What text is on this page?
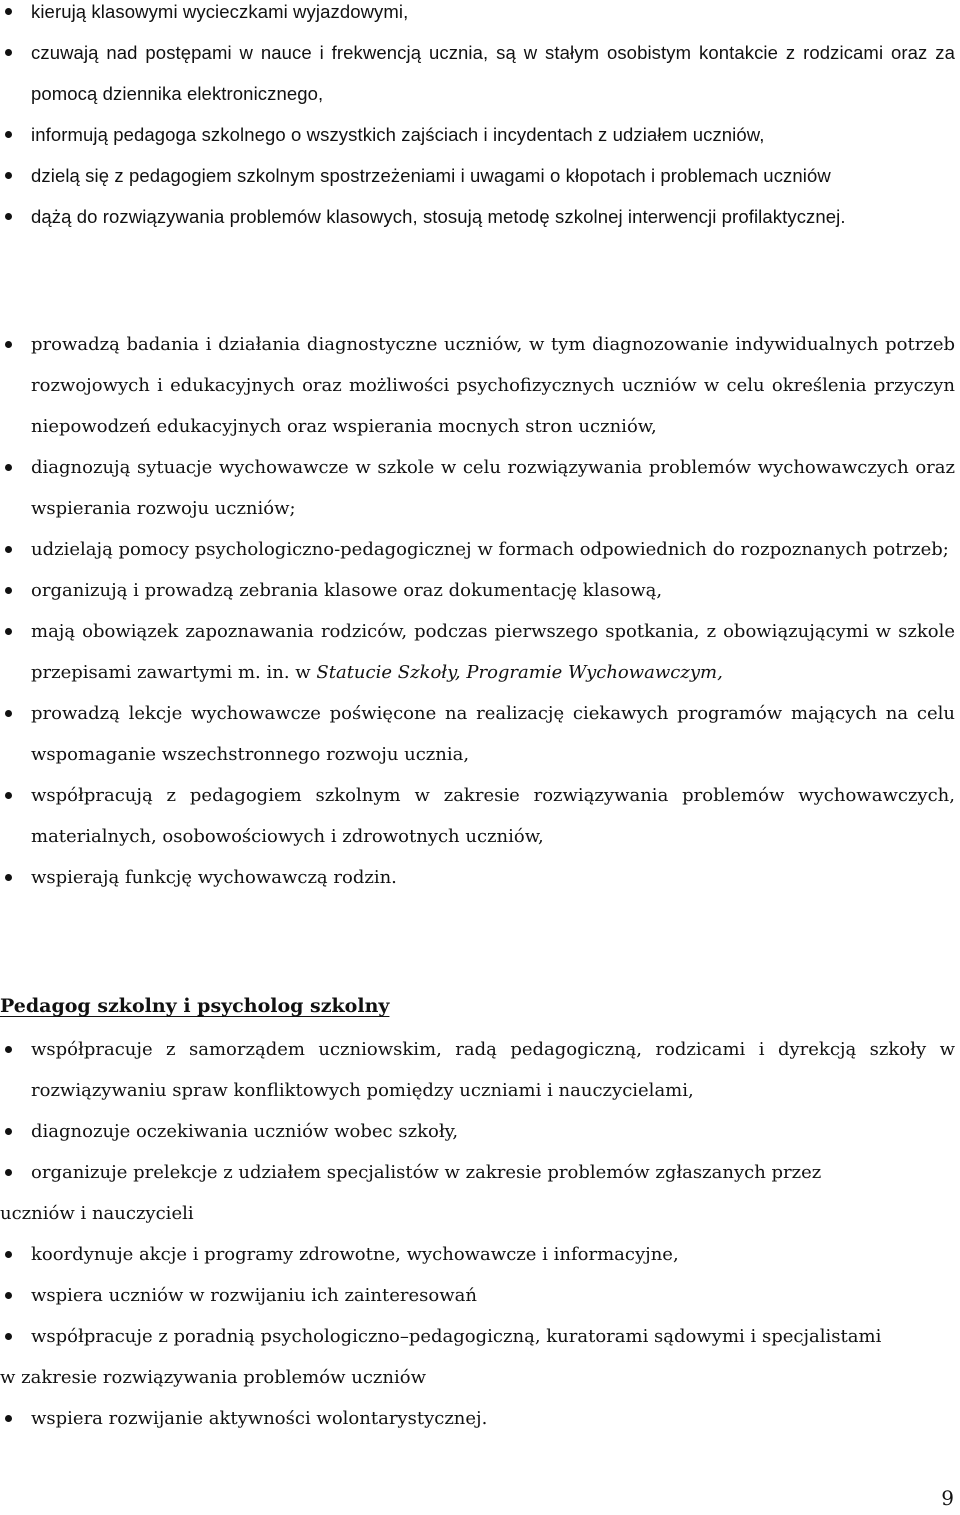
kierują klasowymi wycieczkami wyjazdowymi,
czuwają nad postępami w nauce i frekwencją ucznia, są w stałym osobistym kontakcie z rodzicami oraz za pomocą dziennika elektronicznego,
informują pedagoga szkolnego o wszystkich zajściach i incydentach z udziałem uczniów,
dzielą się z pedagogiem szkolnym spostrzeżeniami i uwagami o kłopotach i problemach uczniów
dążą do rozwiązywania problemów klasowych, stosują metodę szkolnej interwencji profilaktycznej.
prowadzą badania i działania diagnostyczne uczniów, w tym diagnozowanie indywidualnych potrzeb rozwojowych i edukacyjnych oraz możliwości psychofizycznych uczniów w celu określenia przyczyn niepowodzeń edukacyjnych oraz wspierania mocnych stron uczniów,
diagnozują sytuacje wychowawcze w szkole w celu rozwiązywania problemów wychowawczych oraz wspierania rozwoju uczniów;
udzielają pomocy psychologiczno-pedagogicznej w formach odpowiednich do rozpoznanych potrzeb;
organizują i prowadzą zebrania klasowe oraz dokumentację klasową,
mają obowiązek zapoznawania rodziców, podczas pierwszego spotkania, z obowiązującymi w szkole przepisami zawartymi m. in. w Statucie Szkoły, Programie Wychowawczym,
prowadzą lekcje wychowawcze poświęcone na realizację ciekawych programów mających na celu wspomaganie wszechstronnego rozwoju ucznia,
współpracują z pedagogiem szkolnym w zakresie rozwiązywania problemów wychowawczych, materialnych, osobowościowych i zdrowotnych uczniów,
wspierają funkcję wychowawczą rodzin.
Pedagog szkolny i psycholog szkolny
współpracuje z samorządem uczniowskim, radą pedagogiczną, rodzicami i dyrekcją szkoły w rozwiązywaniu spraw konfliktowych pomiędzy uczniami i nauczycielami,
diagnozuje oczekiwania uczniów wobec szkoły,
organizuje prelekcje z udziałem specjalistów w zakresie problemów zgłaszanych przez
uczniów i nauczycieli
koordynuje akcje i programy zdrowotne, wychowawcze i informacyjne,
wspiera uczniów w rozwijaniu ich zainteresowań
współpracuje z poradnią psychologiczno–pedagogiczną, kuratorami sądowymi i specjalistami
w zakresie rozwiązywania problemów uczniów
wspiera rozwijanie aktywności wolontarystycznej.
9
